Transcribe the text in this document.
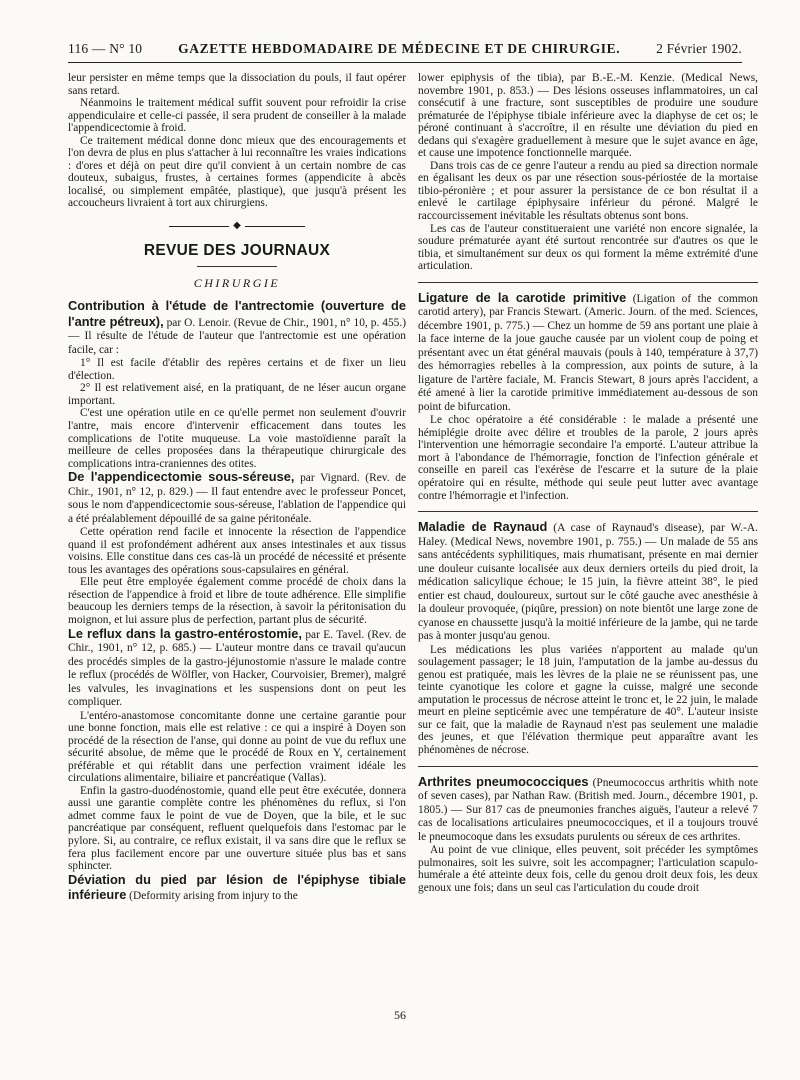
116 — N° 10	GAZETTE HEBDOMADAIRE DE MÉDECINE ET DE CHIRURGIE.	2 Février 1902.

leur persister en même temps que la dissociation du pouls, il faut opérer sans retard.

Néanmoins le traitement médical suffit souvent pour refroidir la crise appendiculaire et celle-ci passée, il sera prudent de conseiller à la malade l'appendicectomie à froid.

Ce traitement médical donne donc mieux que des encouragements et l'on devra de plus en plus s'attacher à lui reconnaître les vraies indications : d'ores et déjà on peut dire qu'il convient à un certain nombre de cas douteux, subaigus, frustes, à certaines formes (appendicite à abcès localisé, ou simplement empâtée, plastique), que jusqu'à présent les accoucheurs livraient à tort aux chirurgiens.

◆
REVUE DES JOURNAUX
CHIRURGIE

Contribution à l'étude de l'antrectomie (ouverture de l'antre pétreux), par O. Lenoir. (Revue de Chir., 1901, n° 10, p. 455.) — Il résulte de l'étude de l'auteur que l'antrectomie est une opération facile, car :

1° Il est facile d'établir des repères certains et de fixer un lieu d'élection.

2° Il est relativement aisé, en la pratiquant, de ne léser aucun organe important.

C'est une opération utile en ce qu'elle permet non seulement d'ouvrir l'antre, mais encore d'intervenir efficacement dans toutes les complications de l'otite muqueuse. La voie mastoïdienne paraît la meilleure de celles proposées dans la thérapeutique chirurgicale des complications intra-craniennes des otites.

De l'appendicectomie sous-séreuse, par Vignard. (Rev. de Chir., 1901, n° 12, p. 829.) — Il faut entendre avec le professeur Poncet, sous le nom d'appendicectomie sous-séreuse, l'ablation de l'appendice qui a été préalablement dépouillé de sa gaine péritonéale.

Cette opération rend facile et innocente la résection de l'appendice quand il est profondément adhérent aux anses intestinales et aux tissus voisins. Elle constitue dans ces cas-là un procédé de nécessité et présente tous les avantages des opérations sous-capsulaires en général.

Elle peut être employée également comme procédé de choix dans la résection de l'appendice à froid et libre de toute adhérence. Elle simplifie beaucoup les derniers temps de la résection, à savoir la péritonisation du moignon, et lui assure plus de perfection, partant plus de sécurité.

Le reflux dans la gastro-entérostomie, par E. Tavel. (Rev. de Chir., 1901, n° 12, p. 685.) — L'auteur montre dans ce travail qu'aucun des procédés simples de la gastro-jéjunostomie n'assure le malade contre le reflux (procédés de Wölfler, von Hacker, Courvoisier, Bremer), malgré les valvules, les invaginations et les suspensions dont on peut les compliquer.

L'entéro-anastomose concomitante donne une certaine garantie pour une bonne fonction, mais elle est relative : ce qui a inspiré à Doyen son procédé de la résection de l'anse, qui donne au point de vue du reflux une sécurité absolue, de même que le procédé de Roux en Y, certainement préférable et qui rétablit dans une perfection vraiment idéale les circulations alimentaire, biliaire et pancréatique (Vallas).

Enfin la gastro-duodénostomie, quand elle peut être exécutée, donnera aussi une garantie complète contre les phénomènes du reflux, si l'on admet comme faux le point de vue de Doyen, que la bile, et le suc pancréatique par conséquent, refluent quelquefois dans l'estomac par le pylore. Si, au contraire, ce reflux existait, il va sans dire que le reflux se fera plus facilement encore par une ouverture située plus bas et sans sphincter.

Déviation du pied par lésion de l'épiphyse tibiale inférieure (Deformity arising from injury to the

lower epiphysis of the tibia), par B.-E.-M. Kenzie. (Medical News, novembre 1901, p. 853.) — Des lésions osseuses inflammatoires, un cal consécutif à une fracture, sont susceptibles de produire une soudure prématurée de l'épiphyse tibiale inférieure avec la diaphyse de cet os; le péroné continuant à s'accroître, il en résulte une déviation du pied en dedans qui s'exagère graduellement à mesure que le sujet avance en âge, et cause une impotence fonctionnelle marquée.

Dans trois cas de ce genre l'auteur a rendu au pied sa direction normale en égalisant les deux os par une résection sous-périostée de la mortaise tibio-péronière ; et pour assurer la persistance de ce bon résultat il a enlevé le cartilage épiphysaire inférieur du péroné. Malgré le raccourcissement inévitable les résultats obtenus sont bons.

Les cas de l'auteur constitueraient une variété non encore signalée, la soudure prématurée ayant été surtout rencontrée sur d'autres os que le tibia, et simultanément sur deux os qui forment la même extrémité d'une articulation.

Ligature de la carotide primitive (Ligation of the common carotid artery), par Francis Stewart. (Americ. Journ. of the med. Sciences, décembre 1901, p. 775.) — Chez un homme de 59 ans portant une plaie à la face interne de la joue gauche causée par un violent coup de poing et présentant avec un état général mauvais (pouls à 140, température à 37,7) des hémorragies rebelles à la compression, aux points de suture, à la ligature de l'artère faciale, M. Francis Stewart, 8 jours après l'accident, a été amené à lier la carotide primitive immédiatement au-dessous de son point de bifurcation.

Le choc opératoire a été considérable : le malade a présenté une hémiplégie droite avec délire et troubles de la parole, 2 jours après l'intervention une hémorragie secondaire l'a emporté. L'auteur attribue la mort à l'abondance de l'hémorragie, fonction de l'infection générale et conseille en pareil cas l'exérèse de l'escarre et la suture de la plaie opératoire qui en résulte, méthode qui seule peut lutter avec avantage contre l'hémorragie et l'infection.

Maladie de Raynaud (A case of Raynaud's disease), par W.-A. Haley. (Medical News, novembre 1901, p. 755.) — Un malade de 55 ans sans antécédents syphilitiques, mais rhumatisant, présente en mai dernier une douleur cuisante localisée aux deux derniers orteils du pied droit, la médication salicylique échoue; le 15 juin, la fièvre atteint 38°, le pied entier est chaud, douloureux, surtout sur le côté gauche avec anesthésie à la douleur provoquée, (piqûre, pression) on note bientôt une large zone de cyanose en chaussette jusqu'à la moitié inférieure de la jambe, qui ne tarde pas à monter jusqu'au genou.

Les médications les plus variées n'apportent au malade qu'un soulagement passager; le 18 juin, l'amputation de la jambe au-dessus du genou est pratiquée, mais les lèvres de la plaie ne se réunissent pas, une teinte cyanotique les colore et gagne la cuisse, malgré une seconde amputation le processus de nécrose atteint le tronc et, le 22 juin, le malade meurt en pleine septicémie avec une température de 40°. L'auteur insiste sur ce fait, que la maladie de Raynaud n'est pas seulement une maladie des jeunes, et que l'élévation thermique peut apparaître avant les phénomènes de nécrose.

Arthrites pneumococciques (Pneumococcus arthritis whith note of seven cases), par Nathan Raw. (British med. Journ., décembre 1901, p. 1805.) — Sur 817 cas de pneumonies franches aiguës, l'auteur a relevé 7 cas de localisations articulaires pneumococciques, et il a toujours trouvé le pneumocoque dans les exsudats purulents ou séreux de ces arthrites.

Au point de vue clinique, elles peuvent, soit précéder les symptômes pulmonaires, soit les suivre, soit les accompagner; l'articulation scapulo-humérale a été atteinte deux fois, celle du genou droit deux fois, les deux genoux une fois; dans un seul cas l'articulation du coude droit

56
